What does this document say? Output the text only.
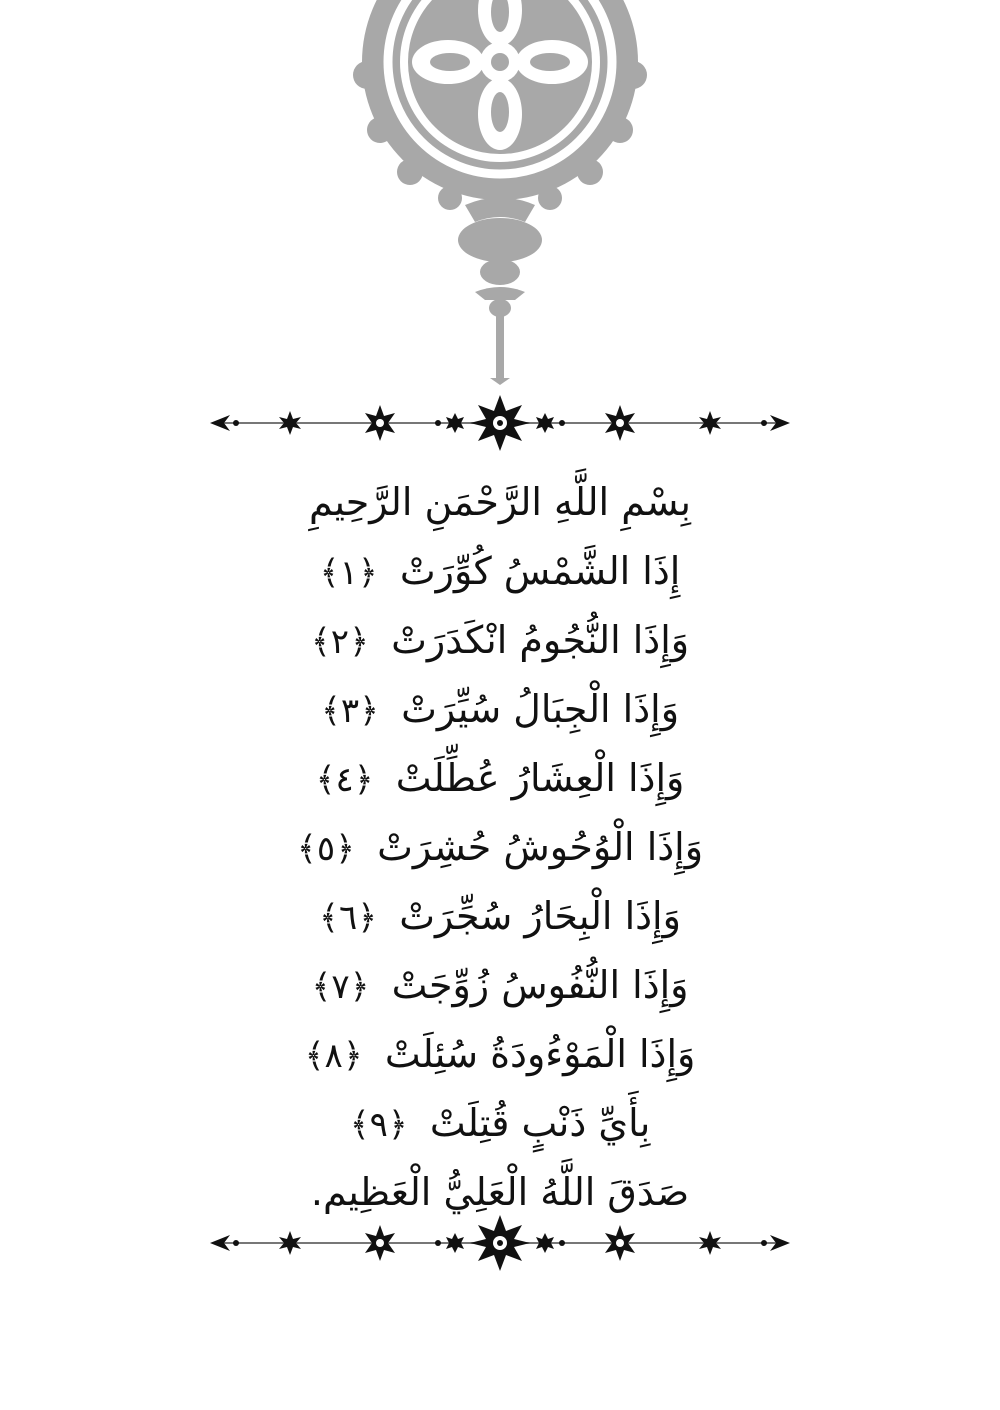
بِسْمِ اللَّهِ الرَّحْمَنِ الرَّحِيمِ
إِذَا الشَّمْسُ كُوِّرَتْ ﴿١﴾
وَإِذَا النُّجُومُ انْكَدَرَتْ ﴿٢﴾
وَإِذَا الْجِبَالُ سُيِّرَتْ ﴿٣﴾
وَإِذَا الْعِشَارُ عُطِّلَتْ ﴿٤﴾
وَإِذَا الْوُحُوشُ حُشِرَتْ ﴿٥﴾
وَإِذَا الْبِحَارُ سُجِّرَتْ ﴿٦﴾
وَإِذَا النُّفُوسُ زُوِّجَتْ ﴿٧﴾
وَإِذَا الْمَوْءُودَةُ سُئِلَتْ ﴿٨﴾
بِأَيِّ ذَنْبٍ قُتِلَتْ ﴿٩﴾
صَدَقَ اللَّهُ الْعَلِيُّ الْعَظِيم.
